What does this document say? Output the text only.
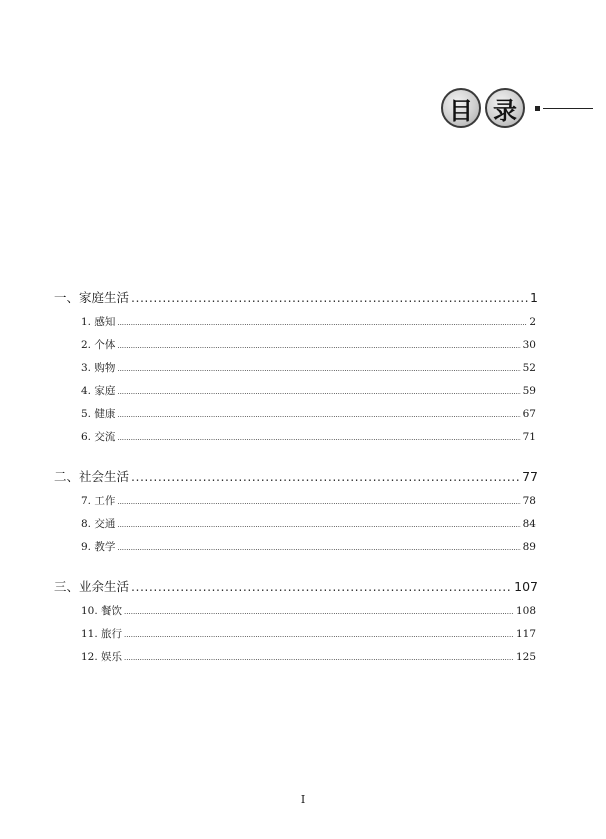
目 录
一、家庭生活 .....	1
1. 感知 .....	2
2. 个体 .....	30
3. 购物 .....	52
4. 家庭 .....	59
5. 健康 .....	67
6. 交流 .....	71
二、社会生活 .....	77
7. 工作 .....	78
8. 交通 .....	84
9. 教学 .....	89
三、业余生活 .....	107
10. 餐饮 .....	108
11. 旅行 .....	117
12. 娱乐 .....	125
I
